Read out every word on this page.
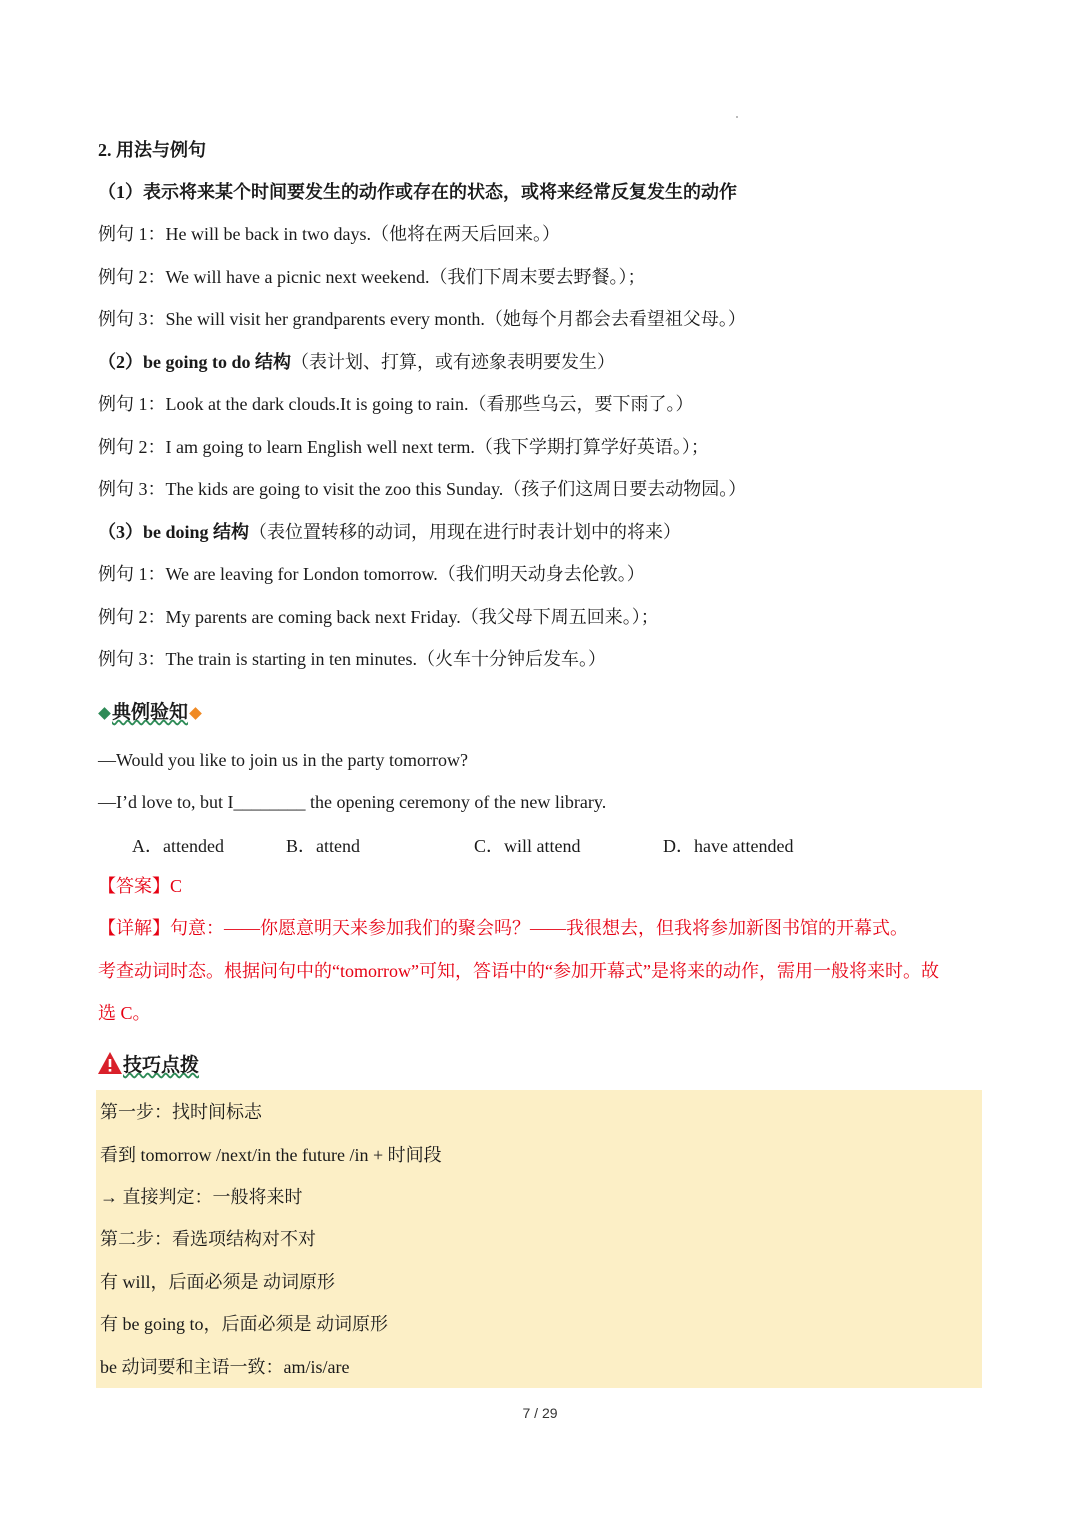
2. 用法与例句
（1）表示将来某个时间要发生的动作或存在的状态，或将来经常反复发生的动作
例句 1：He will be back in two days.（他将在两天后回来。）
例句 2：We will have a picnic next weekend.（我们下周末要去野餐。）；
例句 3：She will visit her grandparents every month.（她每个月都会去看望祖父母。）
（2）be going to do 结构（表计划、打算，或有迹象表明要发生）
例句 1：Look at the dark clouds.It is going to rain.（看那些乌云，要下雨了。）
例句 2：I am going to learn English well next term.（我下学期打算学好英语。）；
例句 3：The kids are going to visit the zoo this Sunday.（孩子们这周日要去动物园。）
（3）be doing 结构（表位置转移的动词，用现在进行时表计划中的将来）
例句 1：We are leaving for London tomorrow.（我们明天动身去伦敦。）
例句 2：My parents are coming back next Friday.（我父母下周五回来。）；
例句 3：The train is starting in ten minutes.（火车十分钟后发车。）
典例验知
—Would you like to join us in the party tomorrow?
—I’d love to, but I________ the opening ceremony of the new library.
A．attended	B．attend	C．will attend	D．have attended
【答案】C
【详解】句意：——你愿意明天来参加我们的聚会吗？——我很想去，但我将参加新图书馆的开幕式。
考查动词时态。根据问句中的“tomorrow”可知，答语中的“参加开幕式”是将来的动作，需用一般将来时。故
选 C。
技巧点拨
第一步：找时间标志
看到 tomorrow /next/in the future /in + 时间段
→ 直接判定：一般将来时
第二步：看选项结构对不对
有 will，后面必须是 动词原形
有 be going to，后面必须是 动词原形
be 动词要和主语一致：am/is/are
7 / 29
